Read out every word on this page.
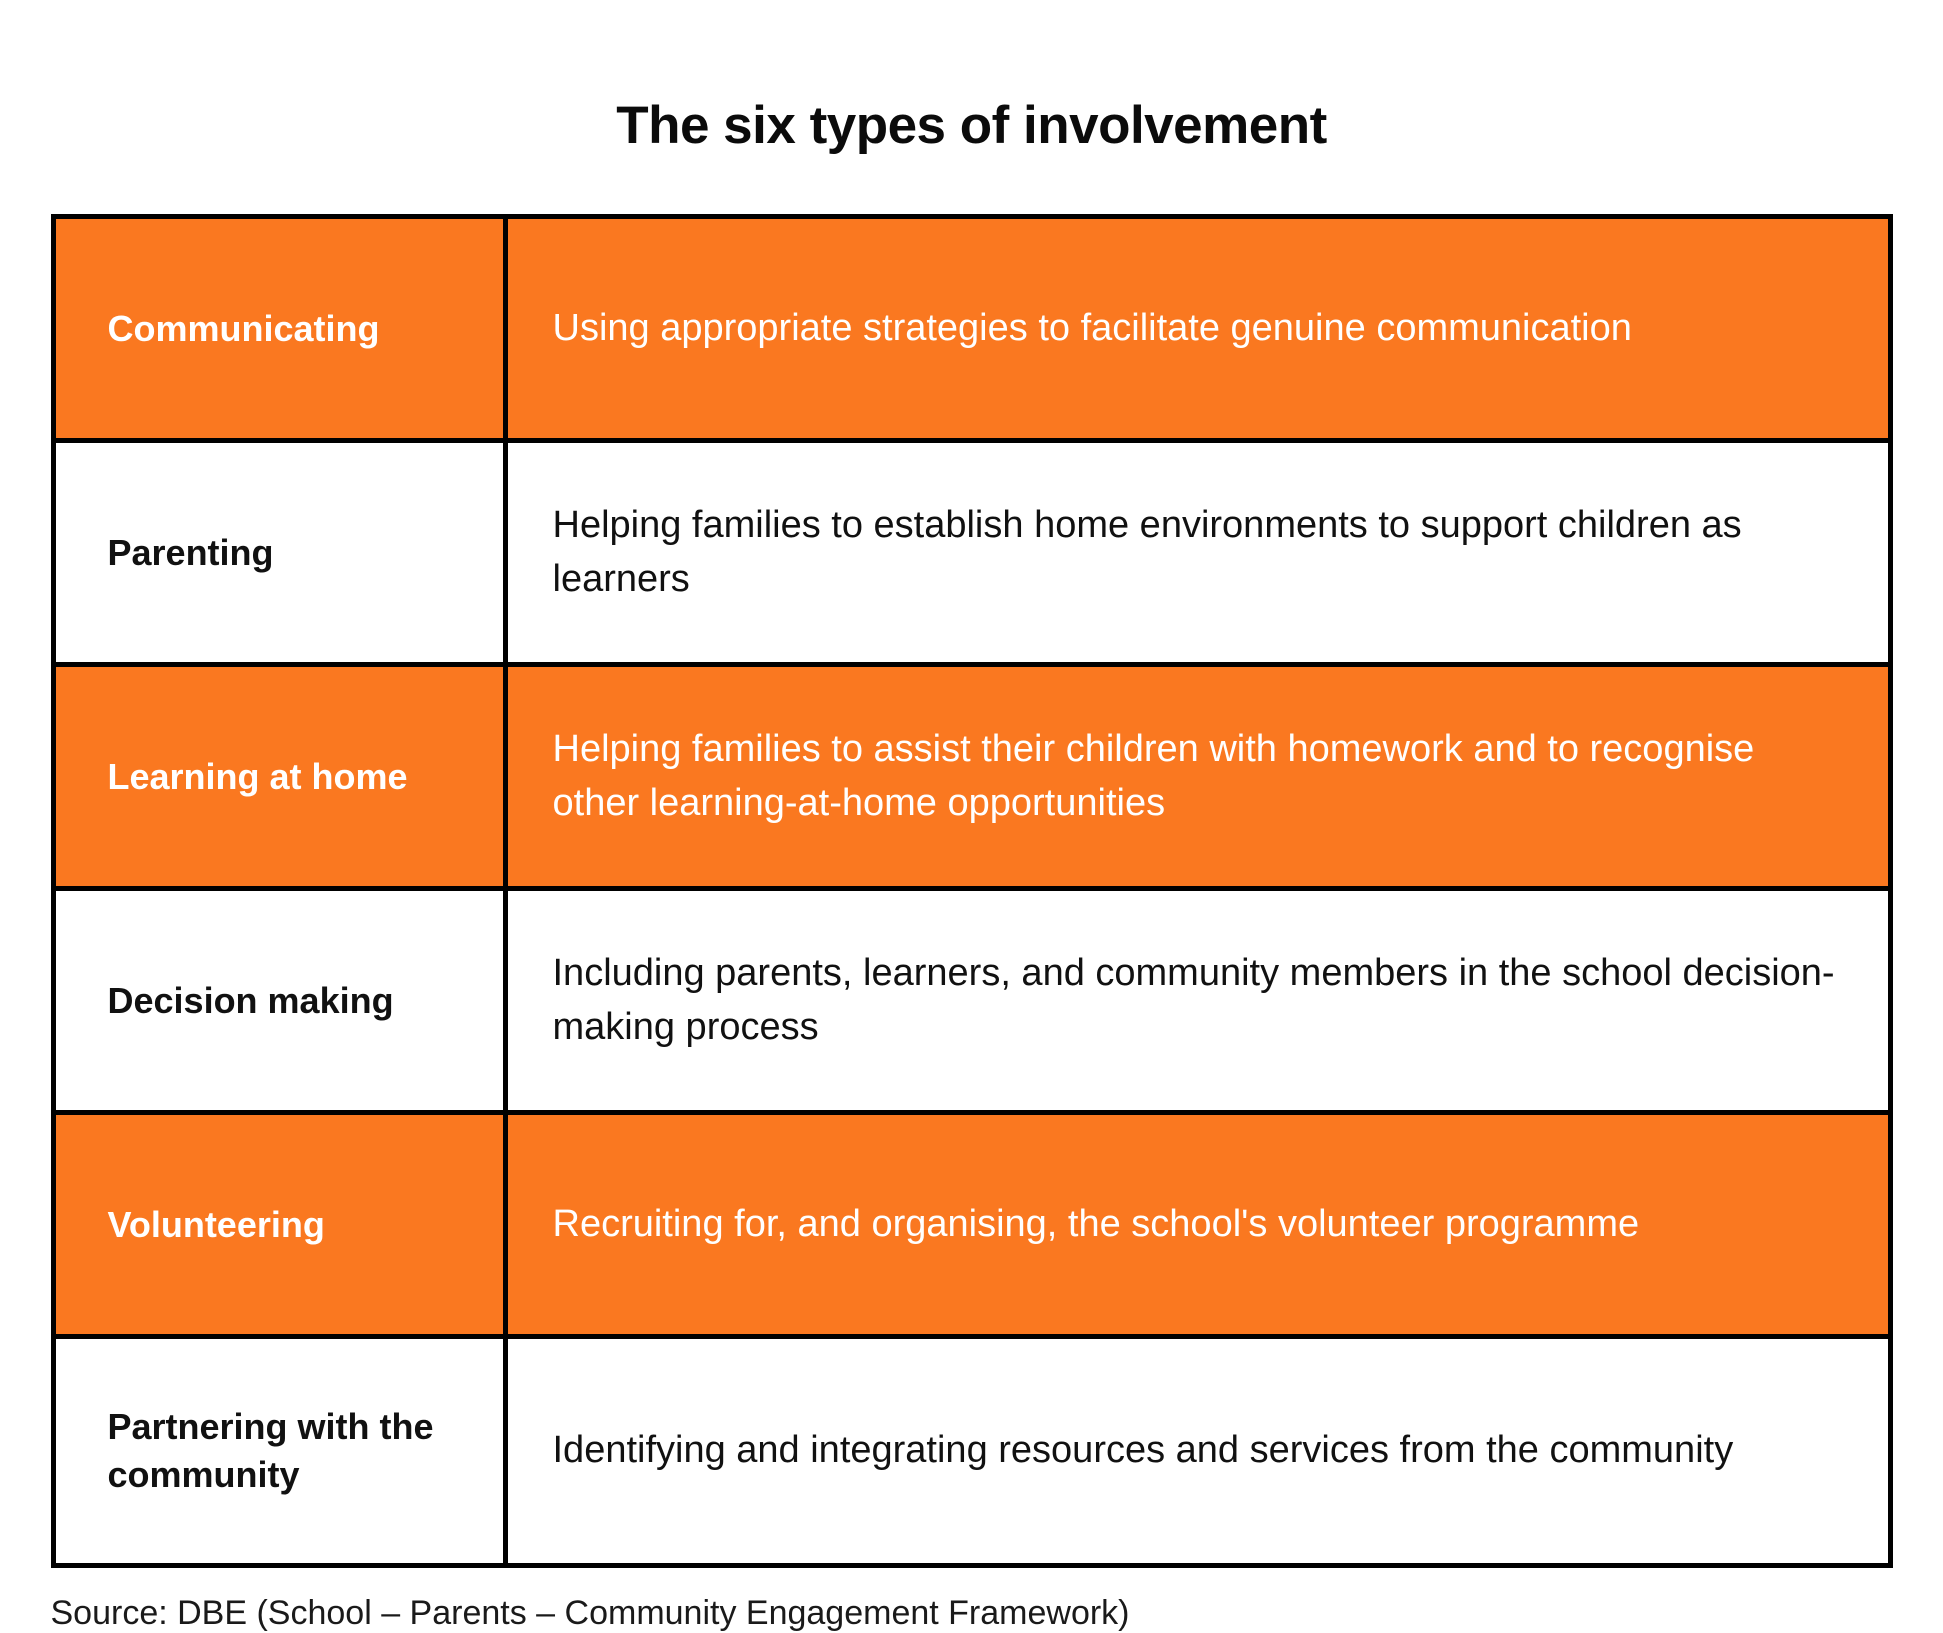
The six types of involvement
Communicating	Using appropriate strategies to facilitate genuine communication
Parenting
Helping families to establish home environments to support children as learners
Learning at home
Helping families to assist their children with homework and to recognise other learning-at-home opportunities
Decision making
Including parents, learners, and community members in the school decision-making process
Volunteering	Recruiting for, and organising, the school's volunteer programme
Partnering with the community
Identifying and integrating resources and services from the community
Source: DBE (School – Parents – Community Engagement Framework)
